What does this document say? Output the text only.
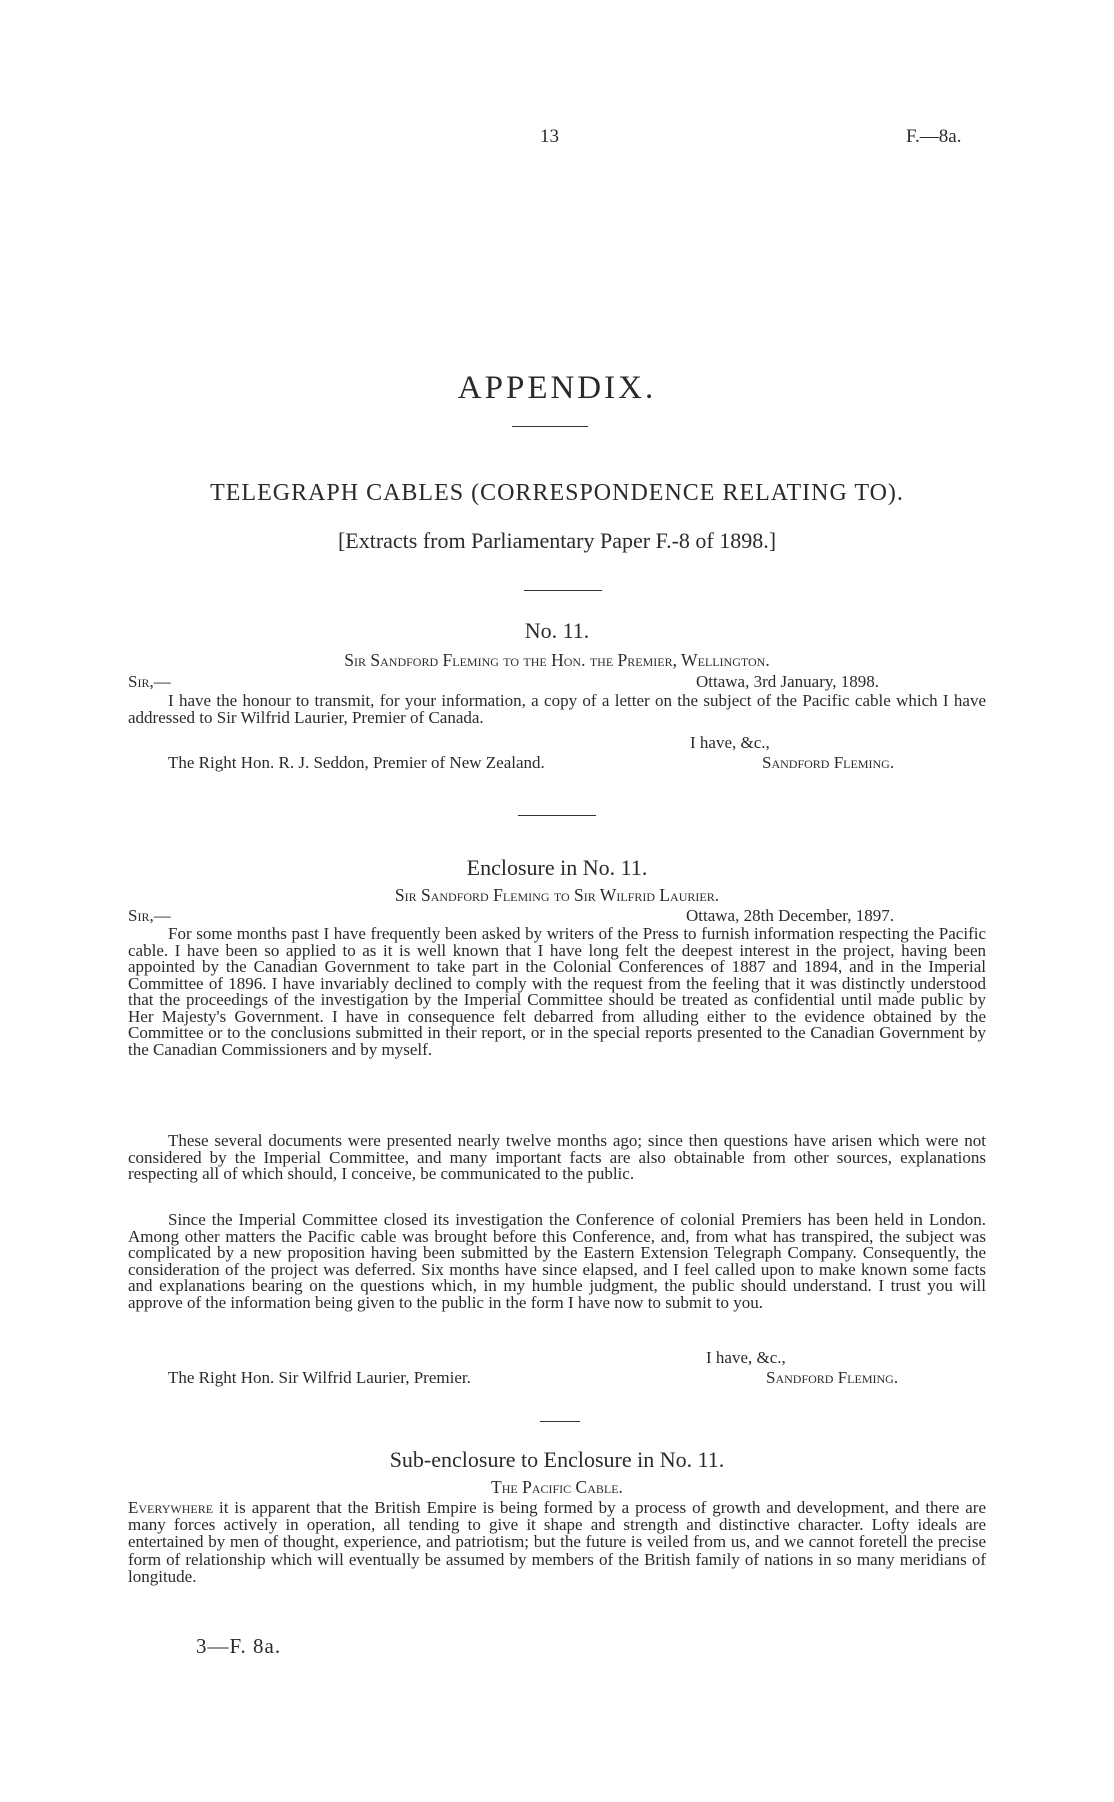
13	F.—8a.
APPENDIX.
TELEGRAPH CABLES (CORRESPONDENCE RELATING TO).
[Extracts from Parliamentary Paper F.-8 of 1898.]
No. 11.
Sir Sandford Fleming to the Hon. the Premier, Wellington.
Sir,—	Ottawa, 3rd January, 1898.
I have the honour to transmit, for your information, a copy of a letter on the subject of the Pacific cable which I have addressed to Sir Wilfrid Laurier, Premier of Canada.
I have, &c.,
The Right Hon. R. J. Seddon, Premier of New Zealand.	Sandford Fleming.
Enclosure in No. 11.
Sir Sandford Fleming to Sir Wilfrid Laurier.
Sir,—	Ottawa, 28th December, 1897.
For some months past I have frequently been asked by writers of the Press to furnish information respecting the Pacific cable. I have been so applied to as it is well known that I have long felt the deepest interest in the project, having been appointed by the Canadian Government to take part in the Colonial Conferences of 1887 and 1894, and in the Imperial Committee of 1896. I have invariably declined to comply with the request from the feeling that it was distinctly understood that the proceedings of the investigation by the Imperial Committee should be treated as confidential until made public by Her Majesty's Government. I have in consequence felt debarred from alluding either to the evidence obtained by the Committee or to the conclusions submitted in their report, or in the special reports presented to the Canadian Government by the Canadian Commissioners and by myself.
These several documents were presented nearly twelve months ago; since then questions have arisen which were not considered by the Imperial Committee, and many important facts are also obtainable from other sources, explanations respecting all of which should, I conceive, be communicated to the public.
Since the Imperial Committee closed its investigation the Conference of colonial Premiers has been held in London. Among other matters the Pacific cable was brought before this Conference, and, from what has transpired, the subject was complicated by a new proposition having been submitted by the Eastern Extension Telegraph Company. Consequently, the consideration of the project was deferred. Six months have since elapsed, and I feel called upon to make known some facts and explanations bearing on the questions which, in my humble judgment, the public should understand. I trust you will approve of the information being given to the public in the form I have now to submit to you.
I have, &c.,
The Right Hon. Sir Wilfrid Laurier, Premier.	Sandford Fleming.
Sub-enclosure to Enclosure in No. 11.
The Pacific Cable.
Everywhere it is apparent that the British Empire is being formed by a process of growth and development, and there are many forces actively in operation, all tending to give it shape and strength and distinctive character. Lofty ideals are entertained by men of thought, experience, and patriotism; but the future is veiled from us, and we cannot foretell the precise form of relationship which will eventually be assumed by members of the British family of nations in so many meridians of longitude.
3—F. 8a.
